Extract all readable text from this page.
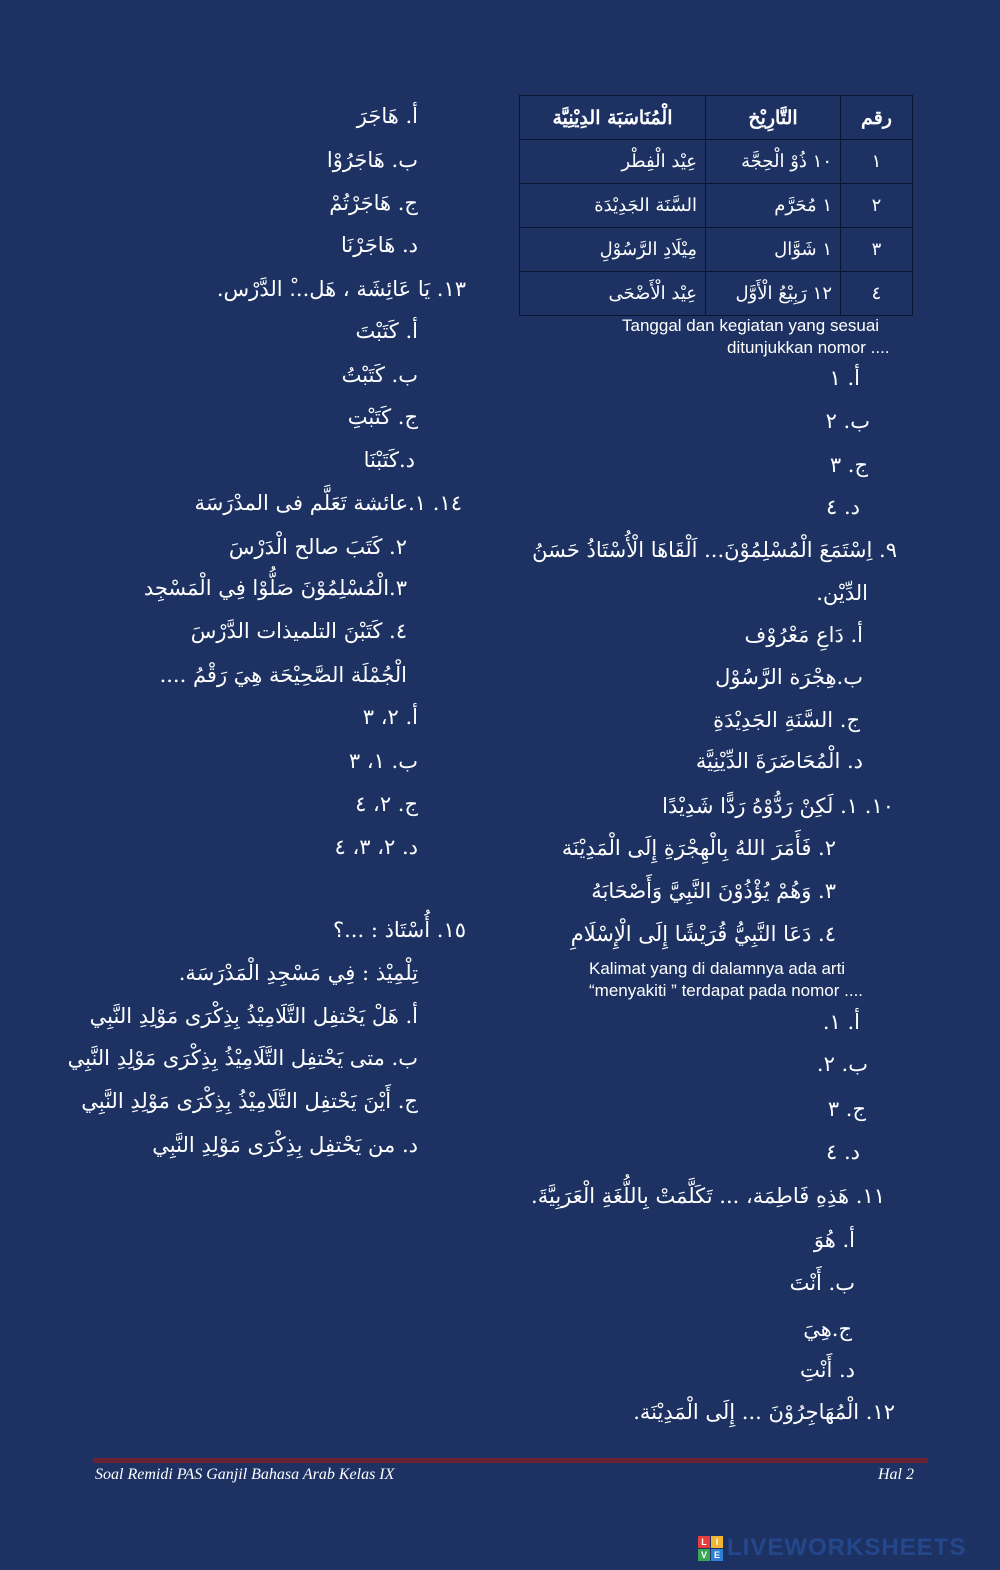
رقم	التَّارِيْخ	الْمُنَاسَبَة الدِيْنِيَّة
١	١٠ ذُوْ الْحِجَّة	عِيْد الْفِطْر
٢	١ مُحَرَّم	السَّنَة الجَدِيْدَة
٣	١ شَوَّال	مِيْلَادِ الرَّسُوْلِ
٤	١٢ رَبِيْعُ الْأَوَّل	عِيْد الْأَضْحَى
Tanggal dan kegiatan yang sesuai
ditunjukkan nomor ....
أ. ١
ب. ٢
ج. ٣
د. ٤
٩. اِسْتَمَعَ الْمُسْلِمُوْنَ... اَلْقَاهَا الْأُسْتَاذُ حَسَنُ
الدِّيْن.
أ. دَاعِ مَعْرُوْف
ب.هِجْرَة الرَّسُوْل
ج. السَّنَةِ الجَدِيْدَةِ
د. الْمُحَاضَرَةَ الدِّيْنِيَّة
١٠. ١. لَكِنْ رَدُّوْهُ رَدًّا شَدِيْدًا
٢. فَأَمَرَ اللهُ بِالْهِجْرَةِ إِلَى الْمَدِيْنَة
٣. وَهُمْ يُؤْذُوْنَ النَّبِيَّ وَأَصْحَابَهُ
٤. دَعَا النَّبِيُّ قُرَيْشًا إِلَى الْإِسْلَامِ
Kalimat yang di dalamnya ada arti
“menyakiti ” terdapat pada nomor ....
أ. ١.
ب. ٢.
ج. ٣
د. ٤
١١. هَذِهِ فَاطِمَة، ... تَكَلَّمَتْ بِاللُّغَةِ الْعَرَبِيَّةَ.
أ. هُوَ
ب. أَنْتَ
ج.هِيَ
د. أَنْتِ
١٢. الْمُهَاجِرُوْنَ ... إِلَى الْمَدِيْنَة.
أ. هَاجَرَ
ب. هَاجَرُوْا
ج. هَاجَرْتُمْ
د. هَاجَرْنَا
١٣. يَا عَائِشَة ، هَل...ْ الدَّرْس.
أ. كَتَبْتَ
ب. كَتَبْتُ
ج. كَتَبْتِ
د.كَتَبْنَا
١٤. ١.عائشة تَعَلَّم فى المدْرَسَة
٢. كَتَبَ صالح الْدَرْسَ
٣.الْمُسْلِمُوْنَ صَلُّوْا فِي الْمَسْجِد
٤. كَتَبْنَ التلميذات الدَّرْسَ
الْجُمْلَة الصَّحِيْحَة هِيَ رَقْمُ ....
أ. ٢، ٣
ب. ١، ٣
ج. ٢، ٤
د. ٢، ٣، ٤
١٥. أُسْتَاذ : ...؟
تِلْمِيْذ : فِي مَسْجِدِ الْمَدْرَسَة.
أ. هَلْ يَحْتفِل التَّلَامِيْذُ بِذِكْرَى مَوْلِدِ النَّبِي
ب. متى يَحْتفِل التَّلَامِيْذُ بِذِكْرَى مَوْلِدِ النَّبِي
ج. أَيْنَ يَحْتفِل التَّلَامِيْذُ بِذِكْرَى مَوْلِدِ النَّبِي
د. من يَحْتفِل بِذِكْرَى مَوْلِدِ النَّبِي
Soal Remidi PAS Ganjil Bahasa Arab Kelas IX	Hal 2
L I
V E LIVEWORKSHEETS
